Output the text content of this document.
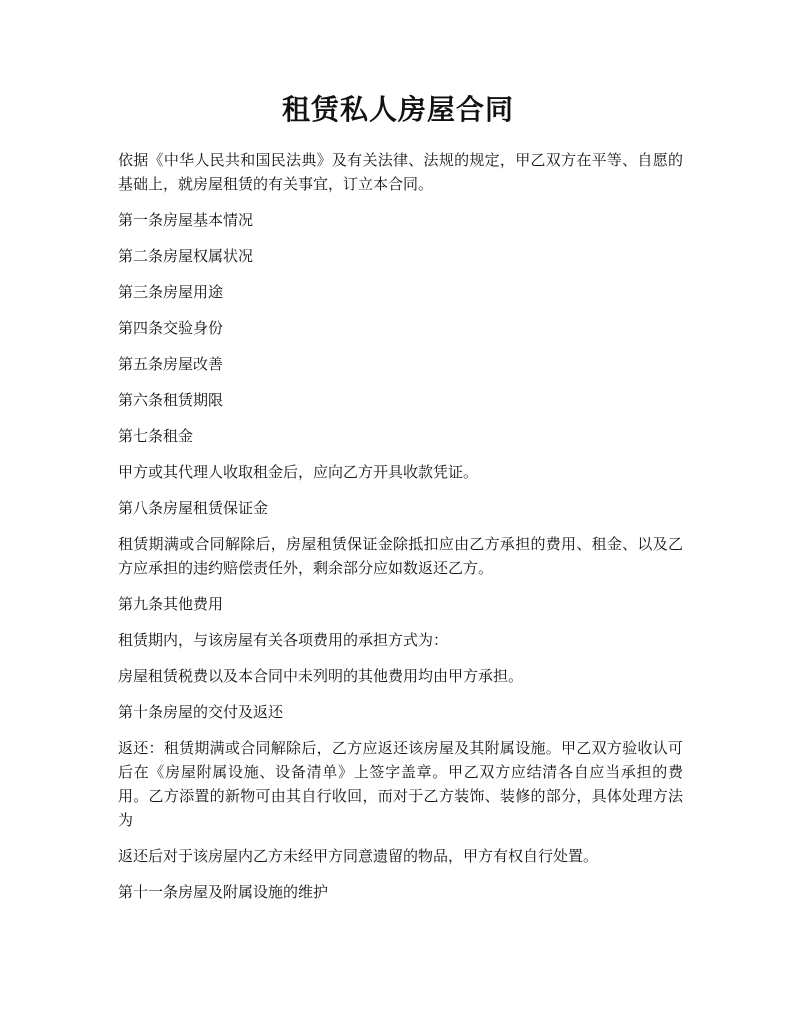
租赁私人房屋合同

依据《中华人民共和国民法典》及有关法律、法规的规定，甲乙双方在平等、自愿的基础上，就房屋租赁的有关事宜，订立本合同。

第一条房屋基本情况

第二条房屋权属状况

第三条房屋用途

第四条交验身份

第五条房屋改善

第六条租赁期限

第七条租金

甲方或其代理人收取租金后，应向乙方开具收款凭证。

第八条房屋租赁保证金

租赁期满或合同解除后，房屋租赁保证金除抵扣应由乙方承担的费用、租金、以及乙方应承担的违约赔偿责任外，剩余部分应如数返还乙方。

第九条其他费用

租赁期内，与该房屋有关各项费用的承担方式为：

房屋租赁税费以及本合同中未列明的其他费用均由甲方承担。

第十条房屋的交付及返还

返还：租赁期满或合同解除后，乙方应返还该房屋及其附属设施。甲乙双方验收认可后在《房屋附属设施、设备清单》上签字盖章。甲乙双方应结清各自应当承担的费用。乙方添置的新物可由其自行收回，而对于乙方装饰、装修的部分，具体处理方法为

返还后对于该房屋内乙方未经甲方同意遗留的物品，甲方有权自行处置。

第十一条房屋及附属设施的维护
